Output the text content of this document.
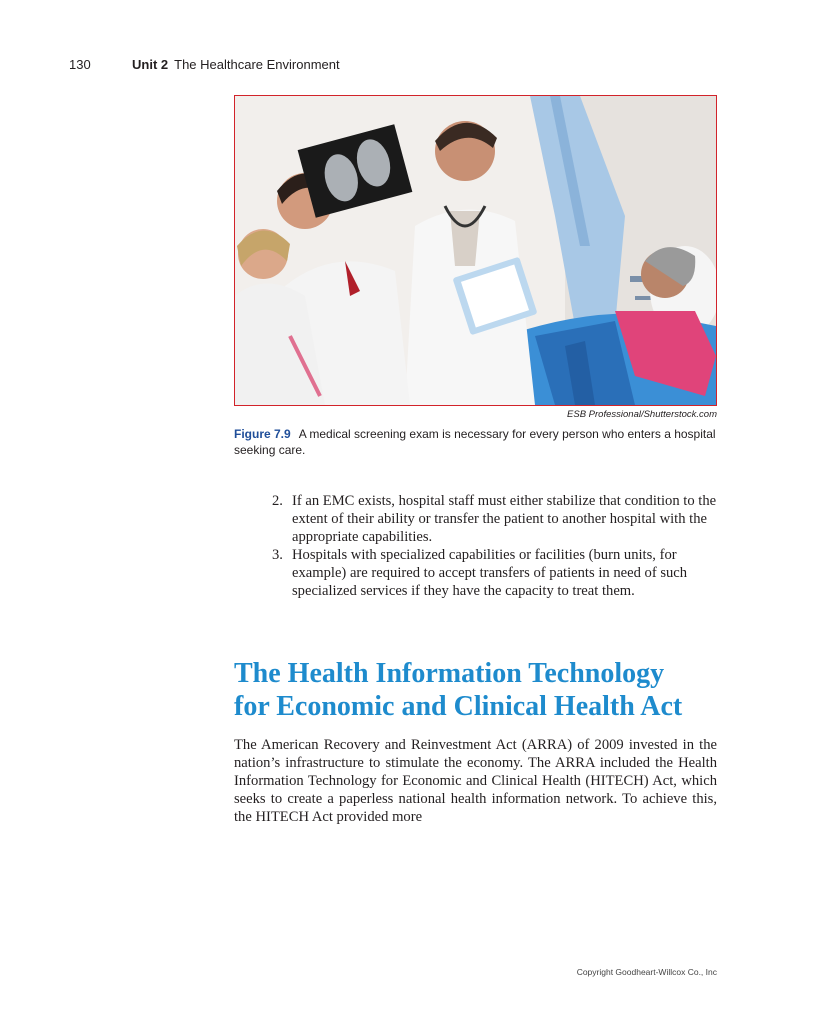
130	Unit 2 The Healthcare Environment
ESB Professional/Shutterstock.com
Figure 7.9 A medical screening exam is necessary for every person who enters a hospital seeking care.
2. If an EMC exists, hospital staff must either stabilize that condition to the extent of their ability or transfer the patient to another hospital with the appropriate capabilities.
3. Hospitals with specialized capabilities or facilities (burn units, for example) are required to accept transfers of patients in need of such specialized services if they have the capacity to treat them.
The Health Information Technology
for Economic and Clinical Health Act

The American Recovery and Reinvestment Act (ARRA) of 2009 invested in the nation’s infrastructure to stimulate the economy. The ARRA included the Health Information Technology for Economic and Clinical Health (HITECH) Act, which seeks to create a paperless national health information network. To achieve this, the HITECH Act provided more

Copyright Goodheart-Willcox Co., Inc
